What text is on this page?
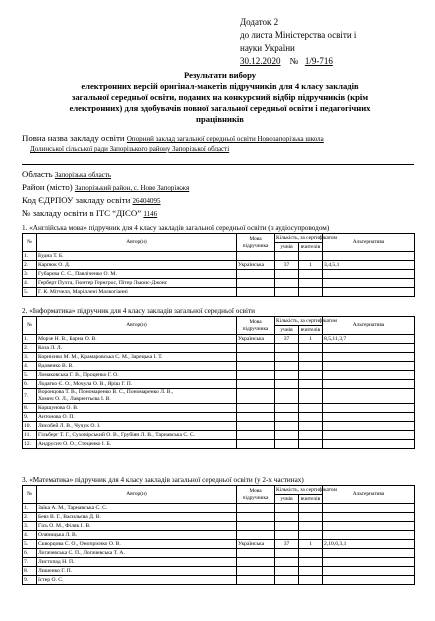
Додаток 2
до листа Міністерства освіти і
науки України
30.12.2020 № 1/9-716
Результати вибору
електронних версій оригінал-макетів підручників для 4 класу закладів
загальної середньої освіти, поданих на конкурсний відбір підручників (крім
електронних) для здобувачів повної загальної середньої освіти і педагогічних
працівників
Повна назва закладу освіти Опорний заклад загальної середньої освіти Новозапорізька школа
Долинської сільської ради Запорізького району Запорізької області
Область Запорізька область
Район (місто) Запорізький район, с. Нове Запоріжжя
Код ЄДРПОУ закладу освіти 26404095
№ закладу освіти в ІТС “ДІСО” 1146
1. «Англійська мова» підручник для 4 класу закладів загальної середньої освіти (з аудіосупроводом)
№	Автор(и)	Мова підручника	Кількість, за сертифікатом		Альтернатива
			учнів	вчителів	
1.	Будна Т. Б.				
2.	Карпюк О. Д.	Українська	37	1	3,4,5,1
3.	Губарєва С. С., Павліченко О. М.				
4.	Герберт Пухта, Гюнтер Гернгрос, Пітер Льюис-Джонс				
5.	Г. К. Мітчелл, Маріллені Малкогіанні				
2. «Інформатика» підручник для 4 класу закладів загальної середньої освіти
№	Автор(и)	Мова підручника	Кількість, за сертифікатом		Альтернатива
			учнів	вчителів	
1.	Морзе Н. В., Барна О. В.	Українська	37	1	8,5,11,3,7
2.	Коза Л. Л.				
3.	Корнієнко М. М., Крамаровська С. М., Зарецька І. Т.				
4.	Вдовенко В. В.				
5.	Ломаковська Г. В., Проценко Г. О.				
6.	Лодатко Є. О., Мочула О. В., Яріш Г. П.				
7.	Воронцова Т. В., Пономаренко В. С., Пономаренко Л. В.,
Хомич О. Л., Лаврентьєва І. В.				
8.	Коршунова О. В.				
9.	Антонова О. П.				
10.	Лисобей Л. В., Чучук О. І.				
11.	Гільберг Т. Г., Суховірський О. В., Грубіян Л. В., Тарнавська С. С.				
12.	Андрусич О. О., Стеценко І. Б.				
3. «Математика» підручник для 4 класу закладів загальної середньої освіти (у 2-х частинах)
№	Автор(и)	Мова підручника	Кількість, за сертифікатом		Альтернатива
			учнів	вчителів	
1.	Заїка А. М., Тарнавська С. С.				
2.	Бевз В. Г., Васильєва Д. В.				
3.	Гісь О. М., Філяк І. В.				
4.	Оляницька Л. В.				
5.	Скворцова С. О., Онопрієнко О. В.	Українська	37	1	2,10,6,3,1
6.	Логачевська С. П., Логачевська Т. А.				
7.	Листопад Н. П.				
8.	Лишенко Г. П.				
9.	Істер О. С.				
